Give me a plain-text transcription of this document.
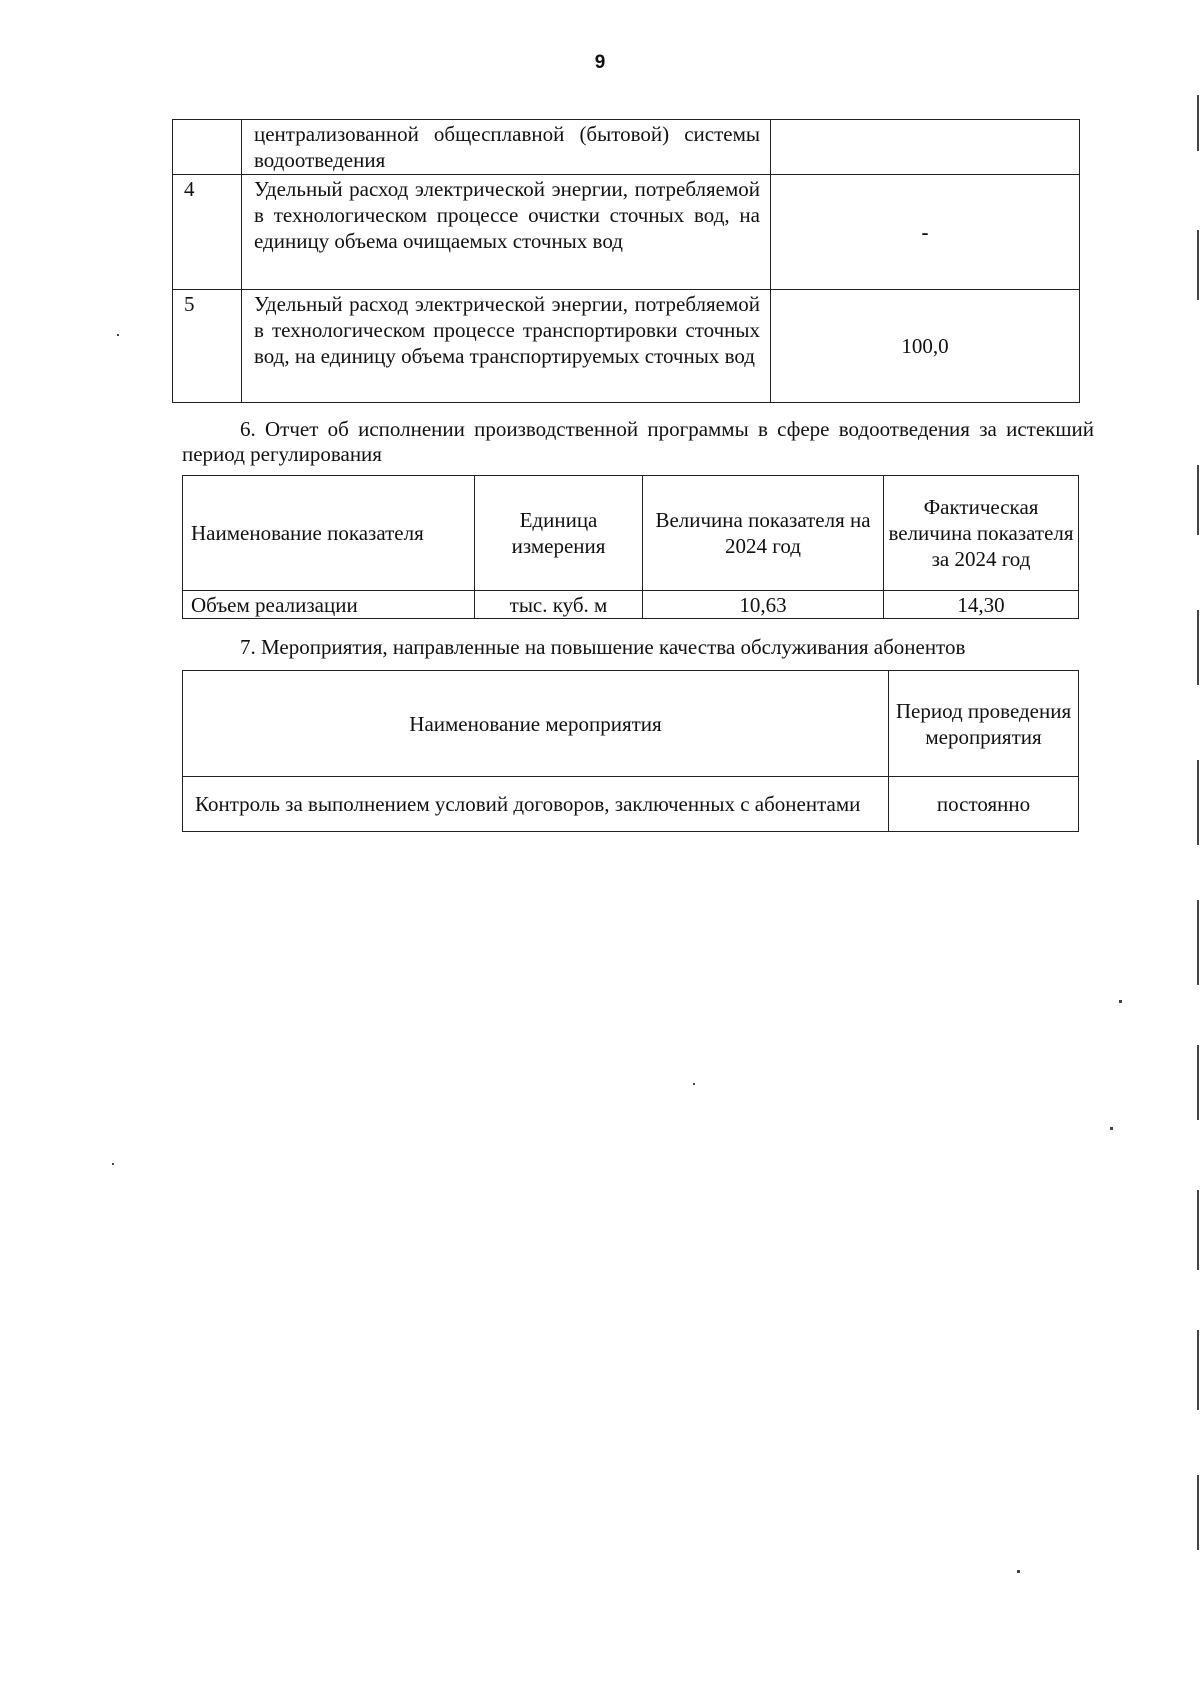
9
	централизованной общесплавной (бытовой) системы водоотведения	
4	Удельный расход электрической энергии, потребляемой в технологическом процессе очистки сточных вод, на единицу объема очищаемых сточных вод	-
5	Удельный расход электрической энергии, потребляемой в технологическом процессе транспортировки сточных вод, на единицу объема транспортируемых сточных вод	100,0
6. Отчет об исполнении производственной программы в сфере водоотведения за истекший период регулирования
Наименование показателя	Единица измерения	Величина показателя на 2024 год	Фактическая величина показателя за 2024 год
Объем реализации	тыс. куб. м	10,63	14,30
7. Мероприятия, направленные на повышение качества обслуживания абонентов
Наименование мероприятия	Период проведения мероприятия
Контроль за выполнением условий договоров, заключенных с абонентами	постоянно
